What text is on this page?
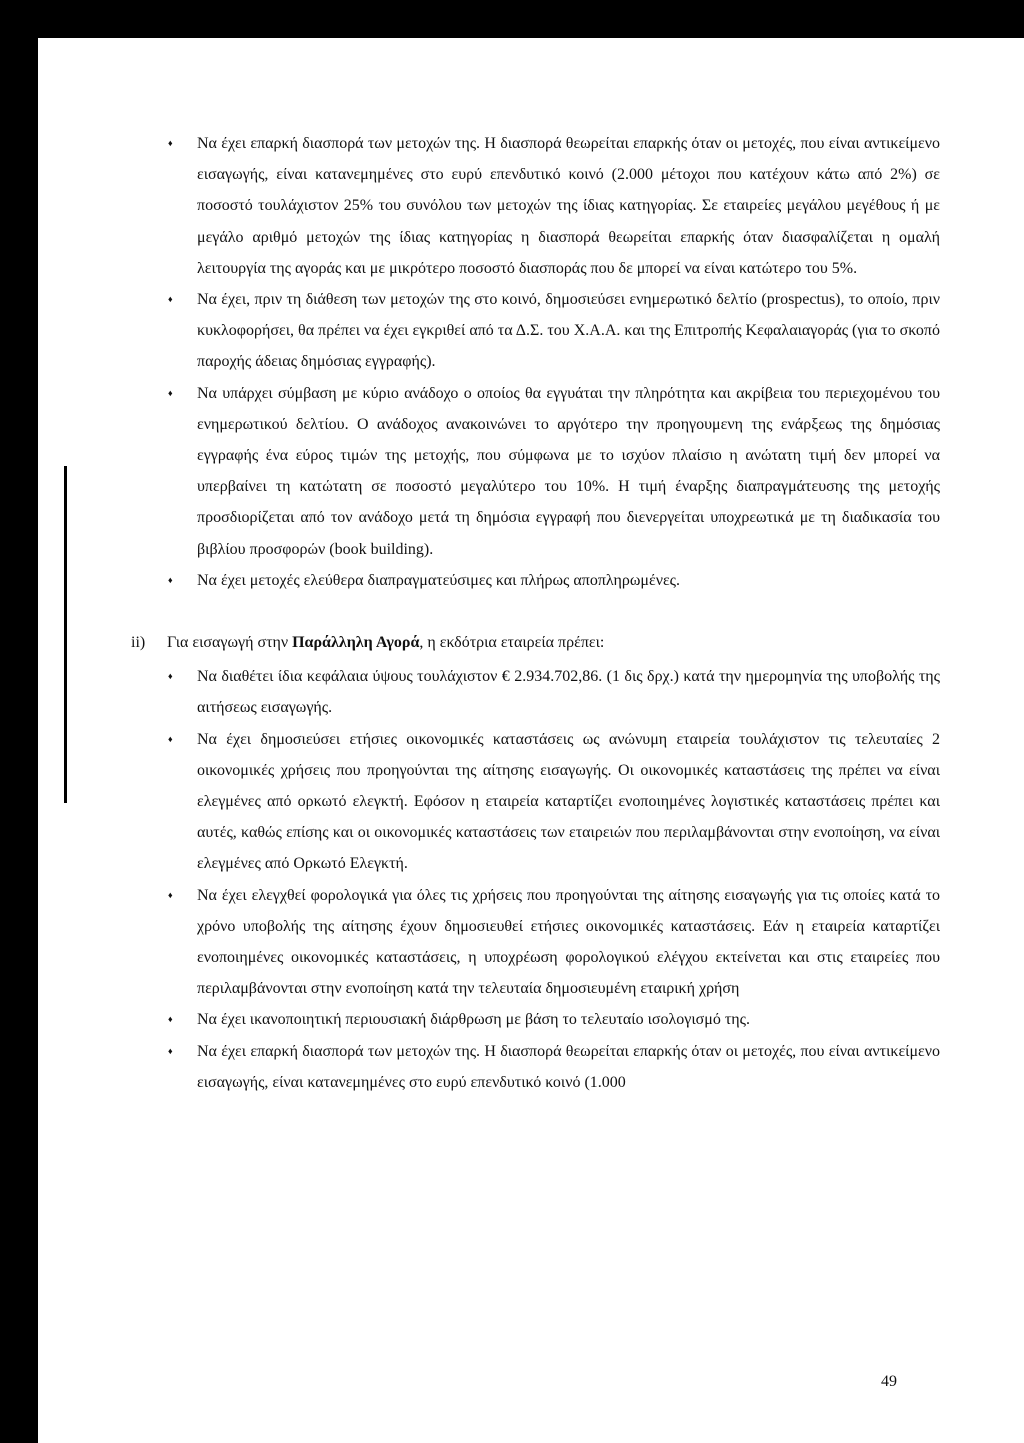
♦	Να έχει επαρκή διασπορά των μετοχών της. Η διασπορά θεωρείται επαρκής όταν οι μετοχές, που είναι αντικείμενο εισαγωγής, είναι κατανεμημένες στο ευρύ επενδυτικό κοινό (2.000 μέτοχοι που κατέχουν κάτω από 2%) σε ποσοστό τουλάχιστον 25% του συνόλου των μετοχών της ίδιας κατηγορίας. Σε εταιρείες μεγάλου μεγέθους ή με μεγάλο αριθμό μετοχών της ίδιας κατηγορίας η διασπορά θεωρείται επαρκής όταν διασφαλίζεται η ομαλή λειτουργία της αγοράς και με μικρότερο ποσοστό διασποράς που δε μπορεί να είναι κατώτερο του 5%.
♦	Να έχει, πριν τη διάθεση των μετοχών της στο κοινό, δημοσιεύσει ενημερωτικό δελτίο (prospectus), το οποίο, πριν κυκλοφορήσει, θα πρέπει να έχει εγκριθεί από τα Δ.Σ. του Χ.Α.Α. και της Επιτροπής Κεφαλαιαγοράς (για το σκοπό παροχής άδειας δημόσιας εγγραφής).
♦	Να υπάρχει σύμβαση με κύριο ανάδοχο ο οποίος θα εγγυάται την πληρότητα και ακρίβεια του περιεχομένου του ενημερωτικού δελτίου. Ο ανάδοχος ανακοινώνει το αργότερο την προηγουμενη της ενάρξεως της δημόσιας εγγραφής ένα εύρος τιμών της μετοχής, που σύμφωνα με το ισχύον πλαίσιο η ανώτατη τιμή δεν μπορεί να υπερβαίνει τη κατώτατη σε ποσοστό μεγαλύτερο του 10%. Η τιμή έναρξης διαπραγμάτευσης της μετοχής προσδιορίζεται από τον ανάδοχο μετά τη δημόσια εγγραφή που διενεργείται υποχρεωτικά με τη διαδικασία του βιβλίου προσφορών (book building).
♦	Να έχει μετοχές ελεύθερα διαπραγματεύσιμες και πλήρως αποπληρωμένες.
ii) Για εισαγωγή στην Παράλληλη Αγορά, η εκδότρια εταιρεία πρέπει:
♦	Να διαθέτει ίδια κεφάλαια ύψους τουλάχιστον € 2.934.702,86. (1 δις δρχ.) κατά την ημερομηνία της υποβολής της αιτήσεως εισαγωγής.
♦	Να έχει δημοσιεύσει ετήσιες οικονομικές καταστάσεις ως ανώνυμη εταιρεία τουλάχιστον τις τελευταίες 2 οικονομικές χρήσεις που προηγούνται της αίτησης εισαγωγής. Οι οικονομικές καταστάσεις της πρέπει να είναι ελεγμένες από ορκωτό ελεγκτή. Εφόσον η εταιρεία καταρτίζει ενοποιημένες λογιστικές καταστάσεις πρέπει και αυτές, καθώς επίσης και οι οικονομικές καταστάσεις των εταιρειών που περιλαμβάνονται στην ενοποίηση, να είναι ελεγμένες από Ορκωτό Ελεγκτή.
♦	Να έχει ελεγχθεί φορολογικά για όλες τις χρήσεις που προηγούνται της αίτησης εισαγωγής για τις οποίες κατά το χρόνο υποβολής της αίτησης έχουν δημοσιευθεί ετήσιες οικονομικές καταστάσεις. Εάν η εταιρεία καταρτίζει ενοποιημένες οικονομικές καταστάσεις, η υποχρέωση φορολογικού ελέγχου εκτείνεται και στις εταιρείες που περιλαμβάνονται στην ενοποίηση κατά την τελευταία δημοσιευμένη εταιρική χρήση
♦	Να έχει ικανοποιητική περιουσιακή διάρθρωση με βάση το τελευταίο ισολογισμό της.
♦	Να έχει επαρκή διασπορά των μετοχών της. Η διασπορά θεωρείται επαρκής όταν οι μετοχές, που είναι αντικείμενο εισαγωγής, είναι κατανεμημένες στο ευρύ επενδυτικό κοινό (1.000
49
